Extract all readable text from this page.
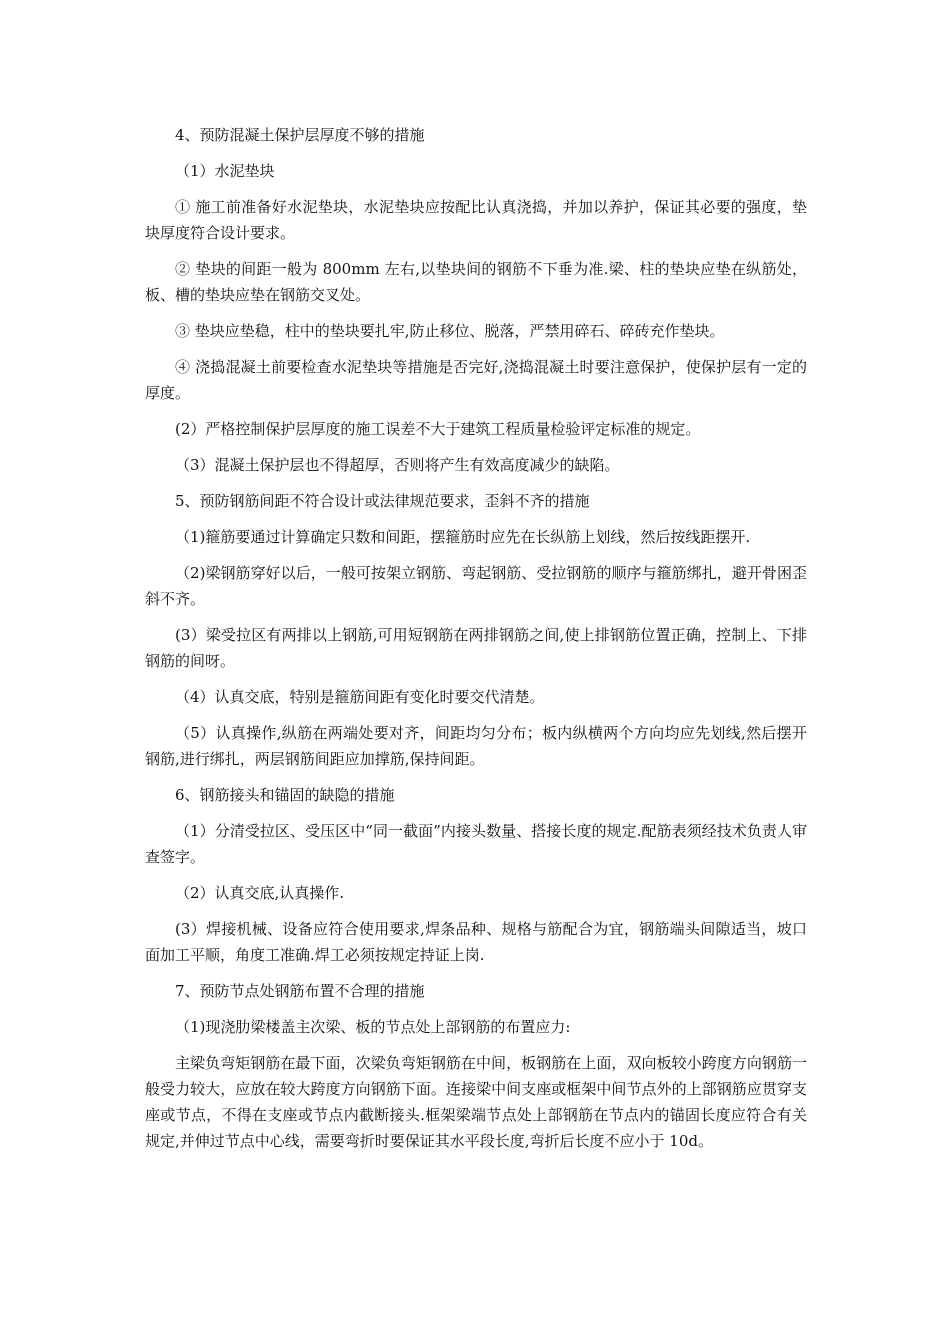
4、预防混凝土保护层厚度不够的措施

（1）水泥垫块

① 施工前准备好水泥垫块，水泥垫块应按配比认真浇捣，并加以养护，保证其必要的强度，垫块厚度符合设计要求。

② 垫块的间距一般为 800mm 左右,以垫块间的钢筋不下垂为准.梁、柱的垫块应垫在纵筋处，板、槽的垫块应垫在钢筋交叉处。

③ 垫块应垫稳，柱中的垫块要扎牢,防止移位、脱落，严禁用碎石、碎砖充作垫块。

④ 浇捣混凝土前要检查水泥垫块等措施是否完好,浇捣混凝土时要注意保护，使保护层有一定的厚度。

(2）严格控制保护层厚度的施工误差不大于建筑工程质量检验评定标准的规定。

（3）混凝土保护层也不得超厚，否则将产生有效高度减少的缺陷。

5、预防钢筋间距不符合设计或法律规范要求，歪斜不齐的措施

（1)箍筋要通过计算确定只数和间距，摆箍筋时应先在长纵筋上划线，然后按线距摆开.

（2)梁钢筋穿好以后，一般可按架立钢筋、弯起钢筋、受拉钢筋的顺序与箍筋绑扎，避开骨困歪斜不齐。

(3）梁受拉区有两排以上钢筋,可用短钢筋在两排钢筋之间,使上排钢筋位置正确，控制上、下排钢筋的间呀。

（4）认真交底，特别是箍筋间距有变化时要交代清楚。

（5）认真操作,纵筋在两端处要对齐，间距均匀分布；板内纵横两个方向均应先划线,然后摆开钢筋,进行绑扎，两层钢筋间距应加撑筋,保持间距。

6、钢筋接头和锚固的缺隐的措施

（1）分清受拉区、受压区中“同一截面”内接头数量、搭接长度的规定.配筋表须经技术负责人审查签字。

（2）认真交底,认真操作.

(3）焊接机械、设备应符合使用要求,焊条品种、规格与筋配合为宜，钢筋端头间隙适当，坡口面加工平顺，角度工准确.焊工必须按规定持证上岗.

7、预防节点处钢筋布置不合理的措施

（1)现浇肋梁楼盖主次梁、板的节点处上部钢筋的布置应力:

主梁负弯矩钢筋在最下面，次梁负弯矩钢筋在中间，板钢筋在上面，双向板较小跨度方向钢筋一般受力较大，应放在较大跨度方向钢筋下面。连接梁中间支座或框架中间节点外的上部钢筋应贯穿支座或节点，不得在支座或节点内截断接头.框架梁端节点处上部钢筋在节点内的锚固长度应符合有关规定,并伸过节点中心线，需要弯折时要保证其水平段长度,弯折后长度不应小于 10d。
